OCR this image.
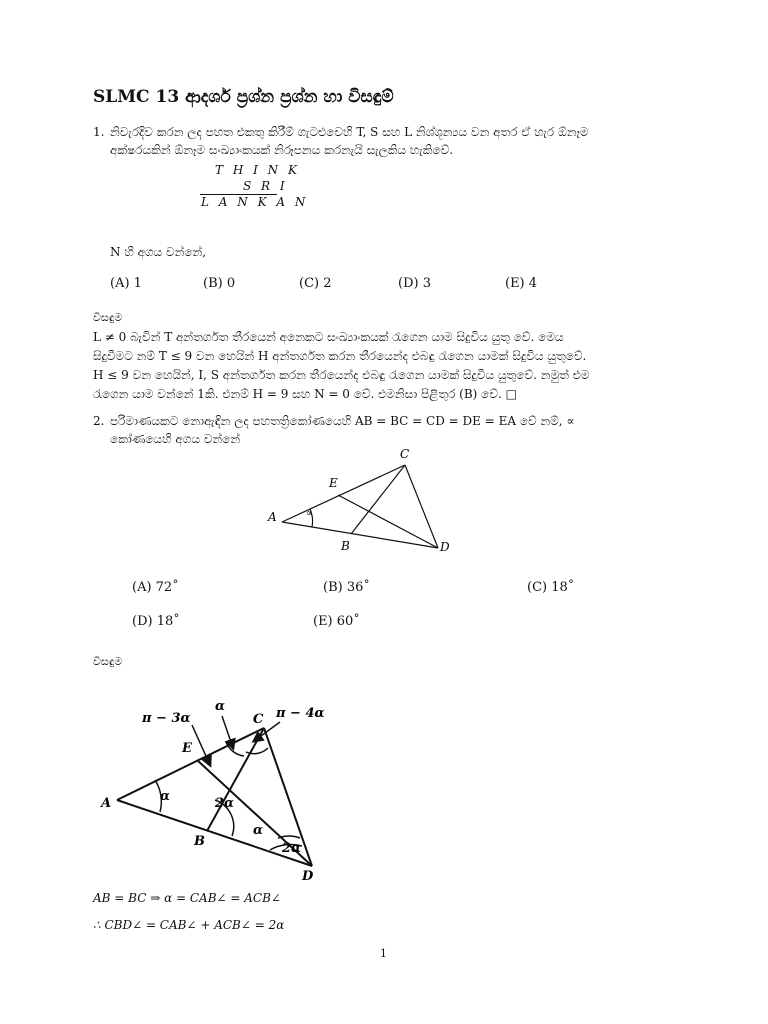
SLMC 13 ආදර්ශ ප්‍රශ්න ප්‍රශ්න හා විසඳුම්
1. නිවැරදිව කරන ලද පහත එකතු කිරීම් ගැටළුවෙහි T, S සහ L නිශ්ශූන්‍යය වන අතර ඒ හැර ඕනෑම
අක්ෂරයකින් ඕනෑම සංඛ්‍යාංකයක් නිරූපනය කරනැයි සැලකිය හැකිවේ.
T H I N K
S R I
L A N K A N
N හි අගය වන්නේ,
(A) 1	(B) 0	(C) 2	(D) 3	(E) 4
විසඳුම
L ≠ 0 බැවින් T අන්තර්ගත තීරයෙන් අනෙකට සංඛ්‍යාංකයක් රැගෙන යාම සිදුවිය යුතු වේ. මෙය
සිදුවීමට නම් T ≤ 9 වන හෙයින් H අන්තර්ගත කරන තීරයෙන්ද එබඳු රැගෙන යාමක් සිදුවිය යුතුවේ.
H ≤ 9 වන හෙයින්, I, S අන්තර්ගත කරන තීරයෙන්ද එබඳු රැගෙන යාමක් සිදුවිය යුතුවේ. නමුත් එම
රැගෙන යාම වන්නේ 1කි. එනම් H = 9 සහ N = 0 වේ. එමනිසා පිළිතුර (B) වේ. □
2. පරිමාණයකට නොඇඳින ලද පහතත්‍රිකෝණයෙහි AB = BC = CD = DE = EA වේ නම්, ∝
කෝණයෙහි අගය වන්නේ
A
B
C
D
E
∝
(A) 72˚	(B) 36˚	(C) 18˚
(D) 18˚	(E) 60˚
විසඳුම
A
B
C
D
E
π − 3α
α	π − 4α
α	2α
α
2α
AB = BC ⇒ α = CAB∠ = ACB∠
∴ CBD∠ = CAB∠ + ACB∠ = 2α
1
